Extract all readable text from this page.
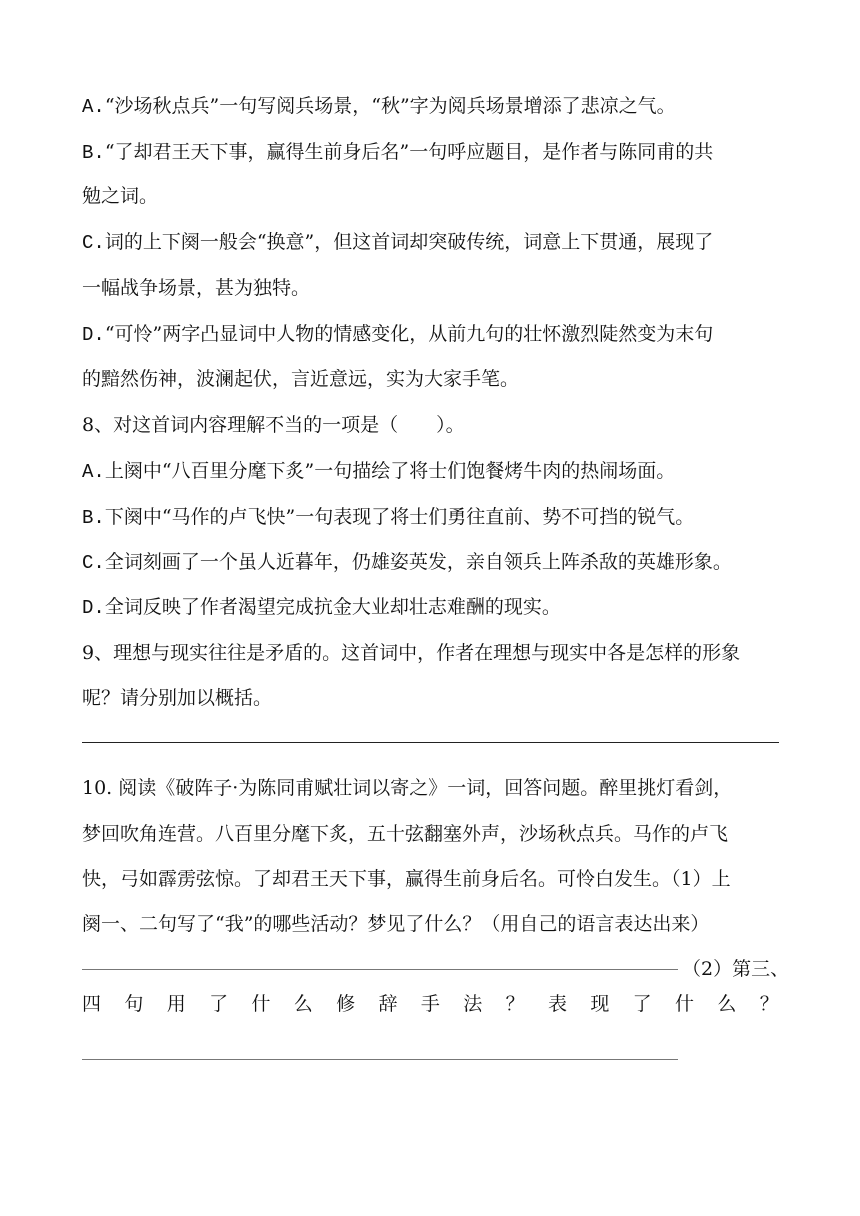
A.“沙场秋点兵”一句写阅兵场景，“秋”字为阅兵场景增添了悲凉之气。
B.“了却君王天下事，赢得生前身后名”一句呼应题目，是作者与陈同甫的共
勉之词。
C.词的上下阕一般会“换意”，但这首词却突破传统，词意上下贯通，展现了
一幅战争场景，甚为独特。
D.“可怜”两字凸显词中人物的情感变化，从前九句的壮怀激烈陡然变为末句
的黯然伤神，波澜起伏，言近意远，实为大家手笔。
8、对这首词内容理解不当的一项是（　　）。
A.上阕中“八百里分麾下炙”一句描绘了将士们饱餐烤牛肉的热闹场面。
B.下阕中“马作的卢飞快”一句表现了将士们勇往直前、势不可挡的锐气。
C.全词刻画了一个虽人近暮年，仍雄姿英发，亲自领兵上阵杀敌的英雄形象。
D.全词反映了作者渴望完成抗金大业却壮志难酬的现实。
9、理想与现实往往是矛盾的。这首词中，作者在理想与现实中各是怎样的形象
呢？请分别加以概括。
10. 阅读《破阵子·为陈同甫赋壮词以寄之》一词，回答问题。醉里挑灯看剑，
梦回吹角连营。八百里分麾下炙，五十弦翻塞外声，沙场秋点兵。马作的卢飞
快，弓如霹雳弦惊。了却君王天下事，赢得生前身后名。可怜白发生。（1）上
阕一、二句写了“我”的哪些活动？梦见了什么？（用自己的语言表达出来）
（2）第三、
四 句 用 了 什 么 修 辞 手 法 ？ 表 现 了 什 么 ？
